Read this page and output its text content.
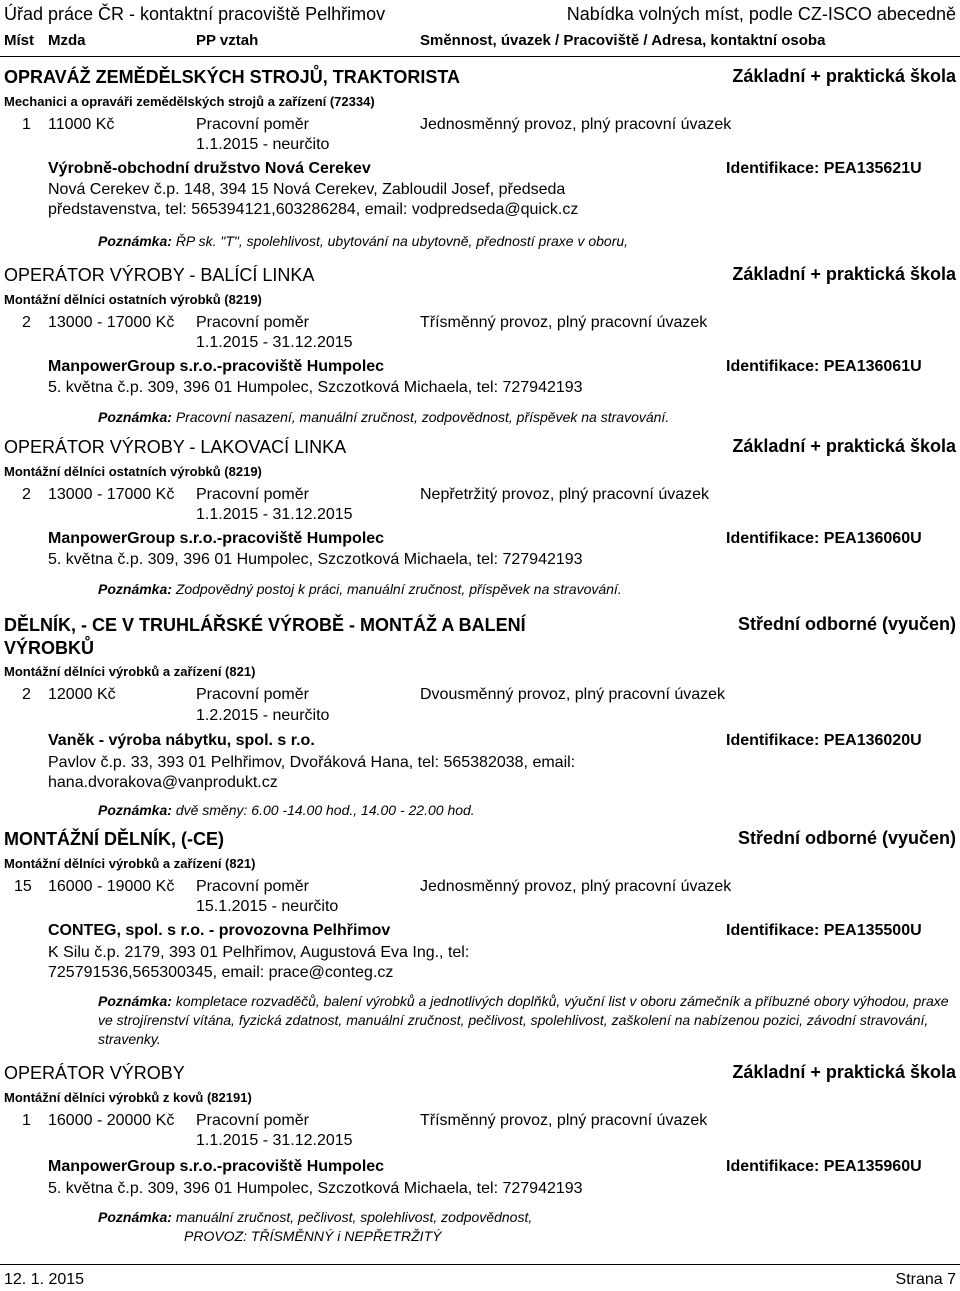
Úřad práce ČR - kontaktní pracoviště Pelhřimov	Nabídka volných míst, podle CZ-ISCO abecedně
Míst Mzda	PP vztah	Směnnost, úvazek / Pracoviště / Adresa, kontaktní osoba
OPRAVÁŽ ZEMĚDĚLSKÝCH STROJŮ, TRAKTORISTA	Základní + praktická škola
Mechanici a opraváři zemědělských strojů a zařízení (72334)
1 11000 Kč	Pracovní poměr	Jednosměnný provoz, plný pracovní úvazek
1.1.2015 - neurčito
Výrobně-obchodní družstvo Nová Cerekev	Identifikace: PEA135621U
Nová Cerekev č.p. 148, 394 15 Nová Cerekev, Zabloudil Josef, předseda představenstva, tel: 565394121,603286284, email: vodpredseda@quick.cz
Poznámka: ŘP sk. "T", spolehlivost, ubytování na ubytovně, předností praxe v oboru,
OPERÁTOR VÝROBY - BALÍCÍ LINKA	Základní + praktická škola
Montážní dělníci ostatních výrobků (8219)
2 13000 - 17000 Kč Pracovní poměr	Třísměnný provoz, plný pracovní úvazek
1.1.2015 - 31.12.2015
ManpowerGroup s.r.o.-pracoviště Humpolec	Identifikace: PEA136061U
5. května č.p. 309, 396 01 Humpolec, Szczotková Michaela, tel: 727942193
Poznámka: Pracovní nasazení, manuální zručnost, zodpovědnost, příspěvek na stravování.
OPERÁTOR VÝROBY - LAKOVACÍ LINKA	Základní + praktická škola
Montážní dělníci ostatních výrobků (8219)
2 13000 - 17000 Kč Pracovní poměr	Nepřetržitý provoz, plný pracovní úvazek
1.1.2015 - 31.12.2015
ManpowerGroup s.r.o.-pracoviště Humpolec	Identifikace: PEA136060U
5. května č.p. 309, 396 01 Humpolec, Szczotková Michaela, tel: 727942193
Poznámka: Zodpovědný postoj k práci, manuální zručnost, příspěvek na stravování.
DĚLNÍK, - CE V TRUHLÁŘSKÉ VÝROBĚ - MONTÁŽ A BALENÍ VÝROBKŮ
Střední odborné (vyučen)
Montážní dělníci výrobků a zařízení (821)
2 12000 Kč	Pracovní poměr	Dvousměnný provoz, plný pracovní úvazek
1.2.2015 - neurčito
Vaněk - výroba nábytku, spol. s r.o.	Identifikace: PEA136020U
Pavlov č.p. 33, 393 01 Pelhřimov, Dvořáková Hana, tel: 565382038, email: hana.dvorakova@vanprodukt.cz
Poznámka: dvě směny: 6.00 -14.00 hod., 14.00 - 22.00 hod.
MONTÁŽNÍ DĚLNÍK, (-CE)	Střední odborné (vyučen)
Montážní dělníci výrobků a zařízení (821)
15 16000 - 19000 Kč Pracovní poměr	Jednosměnný provoz, plný pracovní úvazek
15.1.2015 - neurčito
CONTEG, spol. s r.o. - provozovna Pelhřimov	Identifikace: PEA135500U
K Silu č.p. 2179, 393 01 Pelhřimov, Augustová Eva Ing., tel: 725791536,565300345, email: prace@conteg.cz
Poznámka: kompletace rozvaděčů, balení výrobků a jednotlivých doplňků, výuční list v oboru zámečník a příbuzné obory výhodou, praxe ve strojírenství vítána, fyzická zdatnost, manuální zručnost, pečlivost, spolehlivost, zaškolení na nabízenou pozici, závodní stravování, stravenky.
OPERÁTOR VÝROBY	Základní + praktická škola
Montážní dělníci výrobků z kovů (82191)
1 16000 - 20000 Kč Pracovní poměr	Třísměnný provoz, plný pracovní úvazek
1.1.2015 - 31.12.2015
ManpowerGroup s.r.o.-pracoviště Humpolec	Identifikace: PEA135960U
5. května č.p. 309, 396 01 Humpolec, Szczotková Michaela, tel: 727942193
Poznámka: manuální zručnost, pečlivost, spolehlivost, zodpovědnost,
PROVOZ: TŘÍSMĚNNÝ i NEPŘETRŽITÝ
12. 1. 2015	Strana 7
